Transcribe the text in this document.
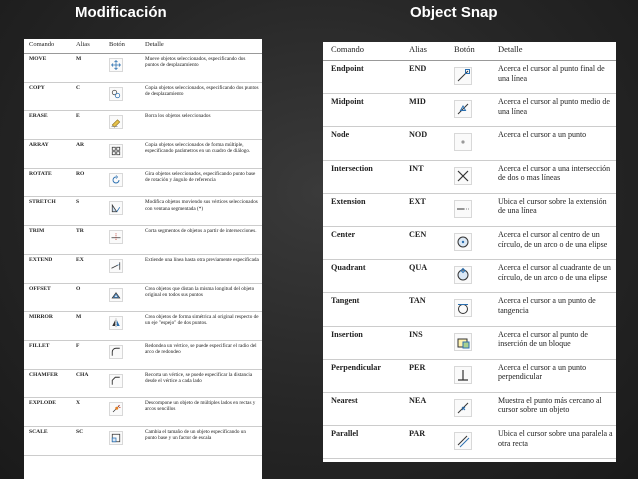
Modificación	Object Snap
Comando	Alias	Botón	Detalle
MOVE	M		Mueve objetos seleccionados, especificando dos puntos de desplazamiento
COPY	C		Copia objetos seleccionados, especificando dos puntos de desplazamiento
ERASE	E		Borra los objetos seleccionados
ARRAY	AR		Copia objetos seleccionados de forma múltiple, especificando parámetros en un cuadro de diálogo.
ROTATE	RO		Gira objetos seleccionados, especificando punto base de rotación y ángulo de referencia
STRETCH	S		Modifica objetos moviendo sus vértices seleccionados con ventana segmentada (*)
TRIM	TR		Corta segmentos de objetos a partir de intersecciones.
EXTEND	EX		Extiende una línea hasta otra previamente especificada
OFFSET	O		Crea objetos que distan la misma longitud del objeto original en todos sus puntos
MIRROR	M		Crea objetos de forma simétrica al original respecto de un eje "espejo" de dos puntos.
FILLET	F		Redondea un vértice, se puede especificar el radio del arco de redondeo
CHAMFER	CHA		Recorta un vértice, se puede especificar la distancia desde el vértice a cada lado
EXPLODE	X		Descompone un objeto de múltiples lados en rectas y arcos sencillos
SCALE	SC		Cambia el tamaño de un objeto especificando un punto base y un factor de escala
Comando	Alias	Botón	Detalle
Endpoint	END		Acerca el cursor al punto final de una línea
Midpoint	MID		Acerca el cursor al punto medio de una línea
Node	NOD		Acerca el cursor a un punto
Intersection	INT		Acerca el cursor a una intersección de dos o mas líneas
Extension	EXT		Ubica el cursor sobre la extensión de una línea
Center	CEN		Acerca el cursor al centro de un círculo, de un arco o de una elipse
Quadrant	QUA		Acerca el cursor al cuadrante de un círculo, de un arco o de una elipse
Tangent	TAN		Acerca el cursor a un punto de tangencia
Insertion	INS		Acerca el cursor al punto de inserción de un bloque
Perpendicular	PER		Acerca el cursor a un punto perpendicular
Nearest	NEA		Muestra el punto más cercano al cursor sobre un objeto
Parallel	PAR		Ubica el cursor sobre una paralela a otra recta
